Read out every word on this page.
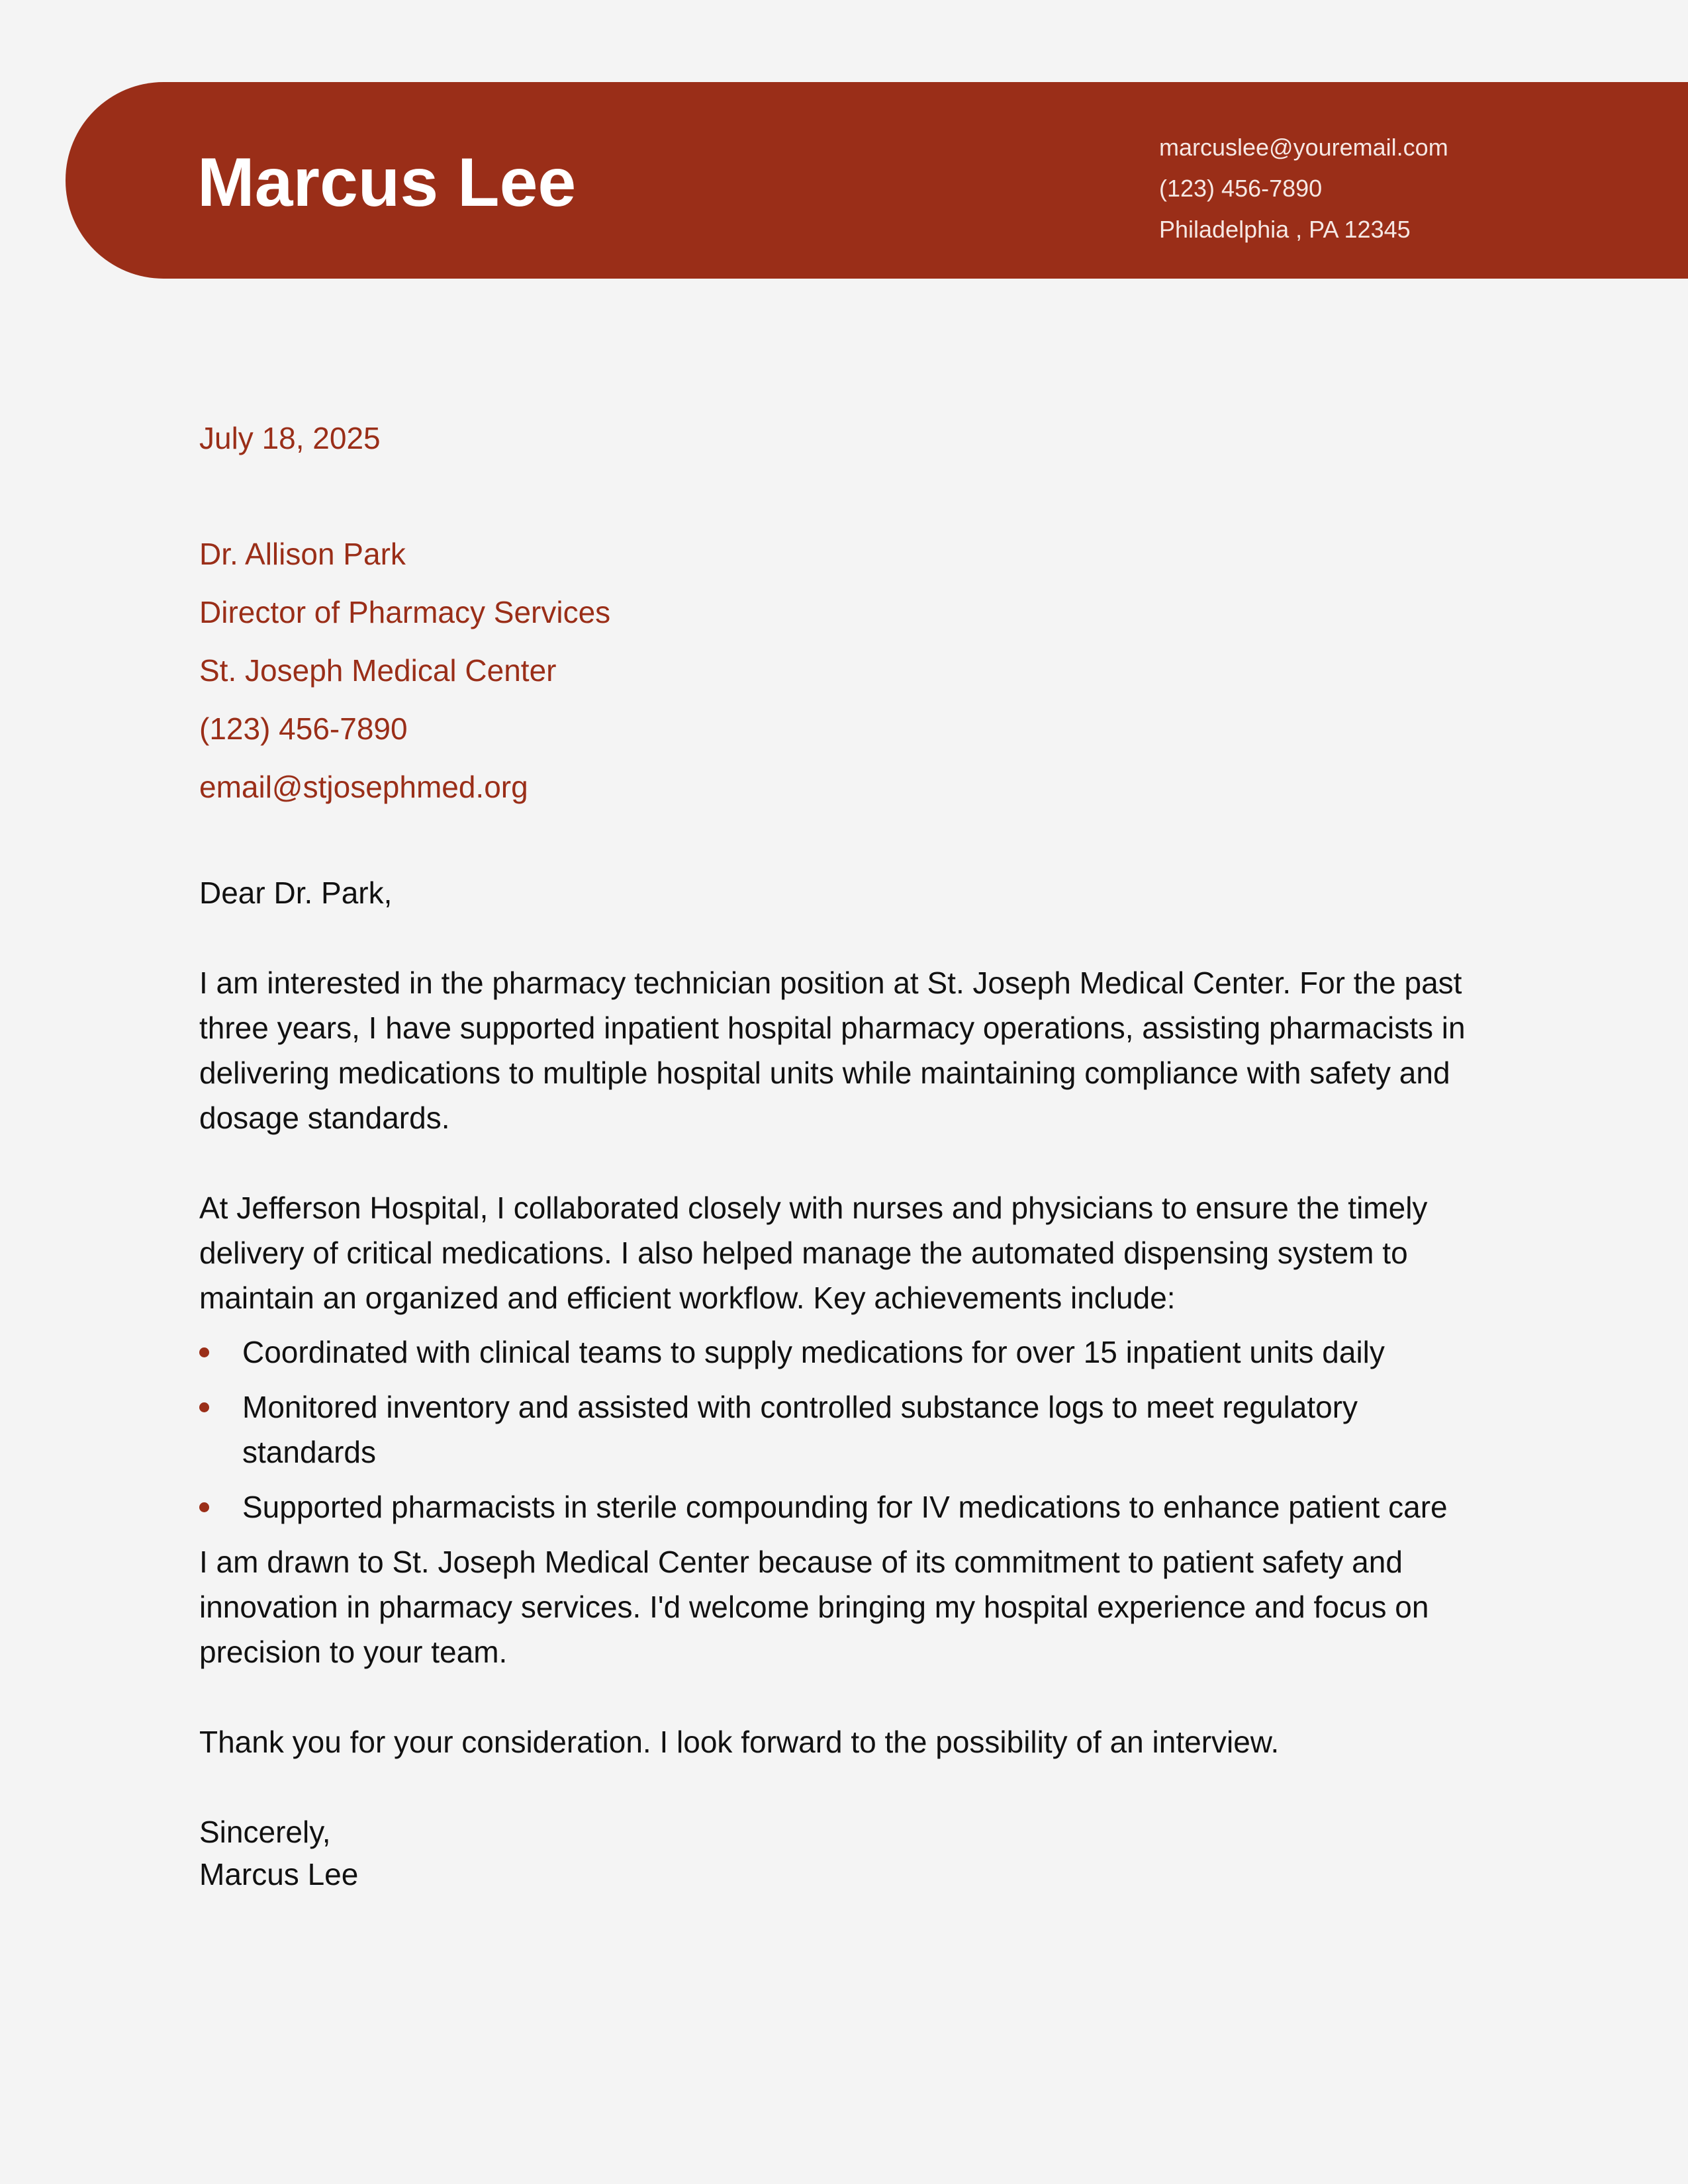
Marcus Lee	marcuslee@youremail.com
(123) 456-7890
Philadelphia , PA 12345

July 18, 2025

Dr. Allison Park
Director of Pharmacy Services
St. Joseph Medical Center
(123) 456-7890
email@stjosephmed.org
Dear Dr. Park,

I am interested in the pharmacy technician position at St. Joseph Medical Center. For the past three years, I have supported inpatient hospital pharmacy operations, assisting pharmacists in delivering medications to multiple hospital units while maintaining compliance with safety and dosage standards.

At Jefferson Hospital, I collaborated closely with nurses and physicians to ensure the timely delivery of critical medications. I also helped manage the automated dispensing system to maintain an organized and efficient workflow. Key achievements include:

Coordinated with clinical teams to supply medications for over 15 inpatient units daily
Monitored inventory and assisted with controlled substance logs to meet regulatory standards
Supported pharmacists in sterile compounding for IV medications to enhance patient care

I am drawn to St. Joseph Medical Center because of its commitment to patient safety and innovation in pharmacy services. I'd welcome bringing my hospital experience and focus on precision to your team.

Thank you for your consideration. I look forward to the possibility of an interview.

Sincerely,
Marcus Lee
